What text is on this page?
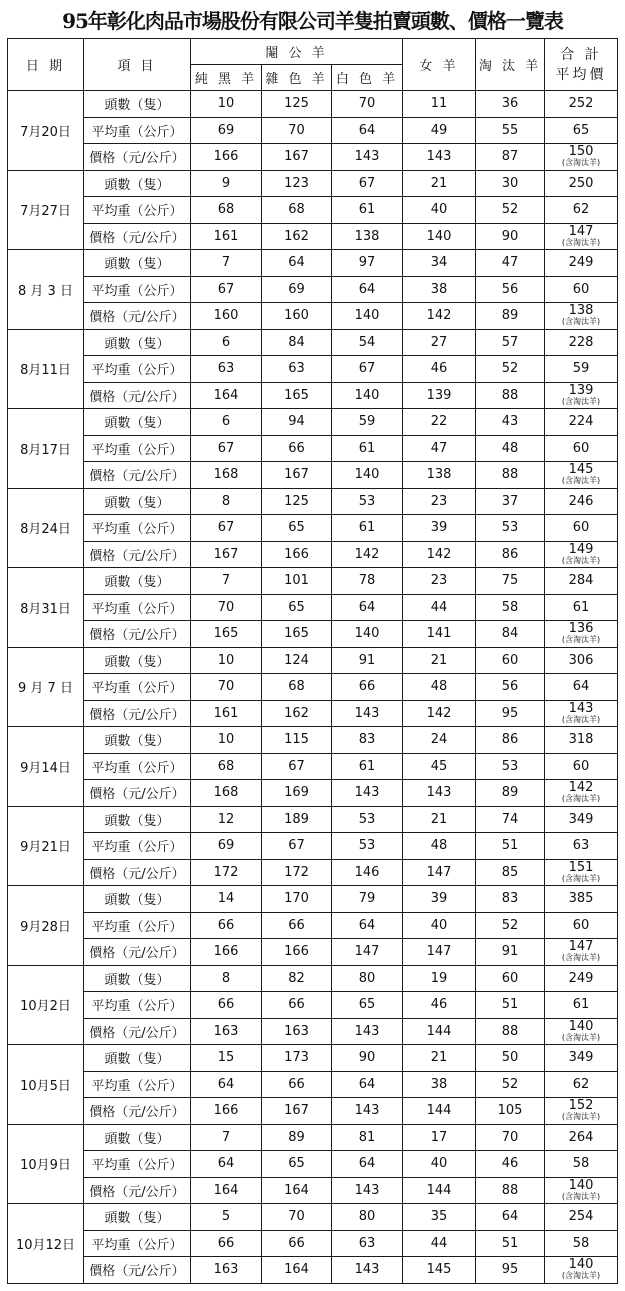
95年彰化肉品市場股份有限公司羊隻拍賣頭數、價格一覽表
日 期	項 目	閹 公 羊			女 羊	淘 汰 羊	合 計
平均價

		純 黑 羊	雜 色 羊	白 色 羊			
7月20日	頭數（隻）	10	125	70	11	36	252
	平均重（公斤）	69	70	64	49	55	65
	價格（元/公斤）	166	167	143	143	87	150
(含淘汰羊)

7月27日	頭數（隻）	9	123	67	21	30	250
	平均重（公斤）	68	68	61	40	52	62
	價格（元/公斤）	161	162	138	140	90	147
(含淘汰羊)

8 月 3 日	頭數（隻）	7	64	97	34	47	249
	平均重（公斤）	67	69	64	38	56	60
	價格（元/公斤）	160	160	140	142	89	138
(含淘汰羊)

8月11日	頭數（隻）	6	84	54	27	57	228
	平均重（公斤）	63	63	67	46	52	59
	價格（元/公斤）	164	165	140	139	88	139
(含淘汰羊)

8月17日	頭數（隻）	6	94	59	22	43	224
	平均重（公斤）	67	66	61	47	48	60
	價格（元/公斤）	168	167	140	138	88	145
(含淘汰羊)

8月24日	頭數（隻）	8	125	53	23	37	246
	平均重（公斤）	67	65	61	39	53	60
	價格（元/公斤）	167	166	142	142	86	149
(含淘汰羊)

8月31日	頭數（隻）	7	101	78	23	75	284
	平均重（公斤）	70	65	64	44	58	61
	價格（元/公斤）	165	165	140	141	84	136
(含淘汰羊)

9 月 7 日	頭數（隻）	10	124	91	21	60	306
	平均重（公斤）	70	68	66	48	56	64
	價格（元/公斤）	161	162	143	142	95	143
(含淘汰羊)

9月14日	頭數（隻）	10	115	83	24	86	318
	平均重（公斤）	68	67	61	45	53	60
	價格（元/公斤）	168	169	143	143	89	142
(含淘汰羊)

9月21日	頭數（隻）	12	189	53	21	74	349
	平均重（公斤）	69	67	53	48	51	63
	價格（元/公斤）	172	172	146	147	85	151
(含淘汰羊)

9月28日	頭數（隻）	14	170	79	39	83	385
	平均重（公斤）	66	66	64	40	52	60
	價格（元/公斤）	166	166	147	147	91	147
(含淘汰羊)

10月2日	頭數（隻）	8	82	80	19	60	249
	平均重（公斤）	66	66	65	46	51	61
	價格（元/公斤）	163	163	143	144	88	140
(含淘汰羊)

10月5日	頭數（隻）	15	173	90	21	50	349
	平均重（公斤）	64	66	64	38	52	62
	價格（元/公斤）	166	167	143	144	105	152
(含淘汰羊)

10月9日	頭數（隻）	7	89	81	17	70	264
	平均重（公斤）	64	65	64	40	46	58
	價格（元/公斤）	164	164	143	144	88	140
(含淘汰羊)

10月12日	頭數（隻）	5	70	80	35	64	254
	平均重（公斤）	66	66	63	44	51	58
	價格（元/公斤）	163	164	143	145	95	140
(含淘汰羊)
